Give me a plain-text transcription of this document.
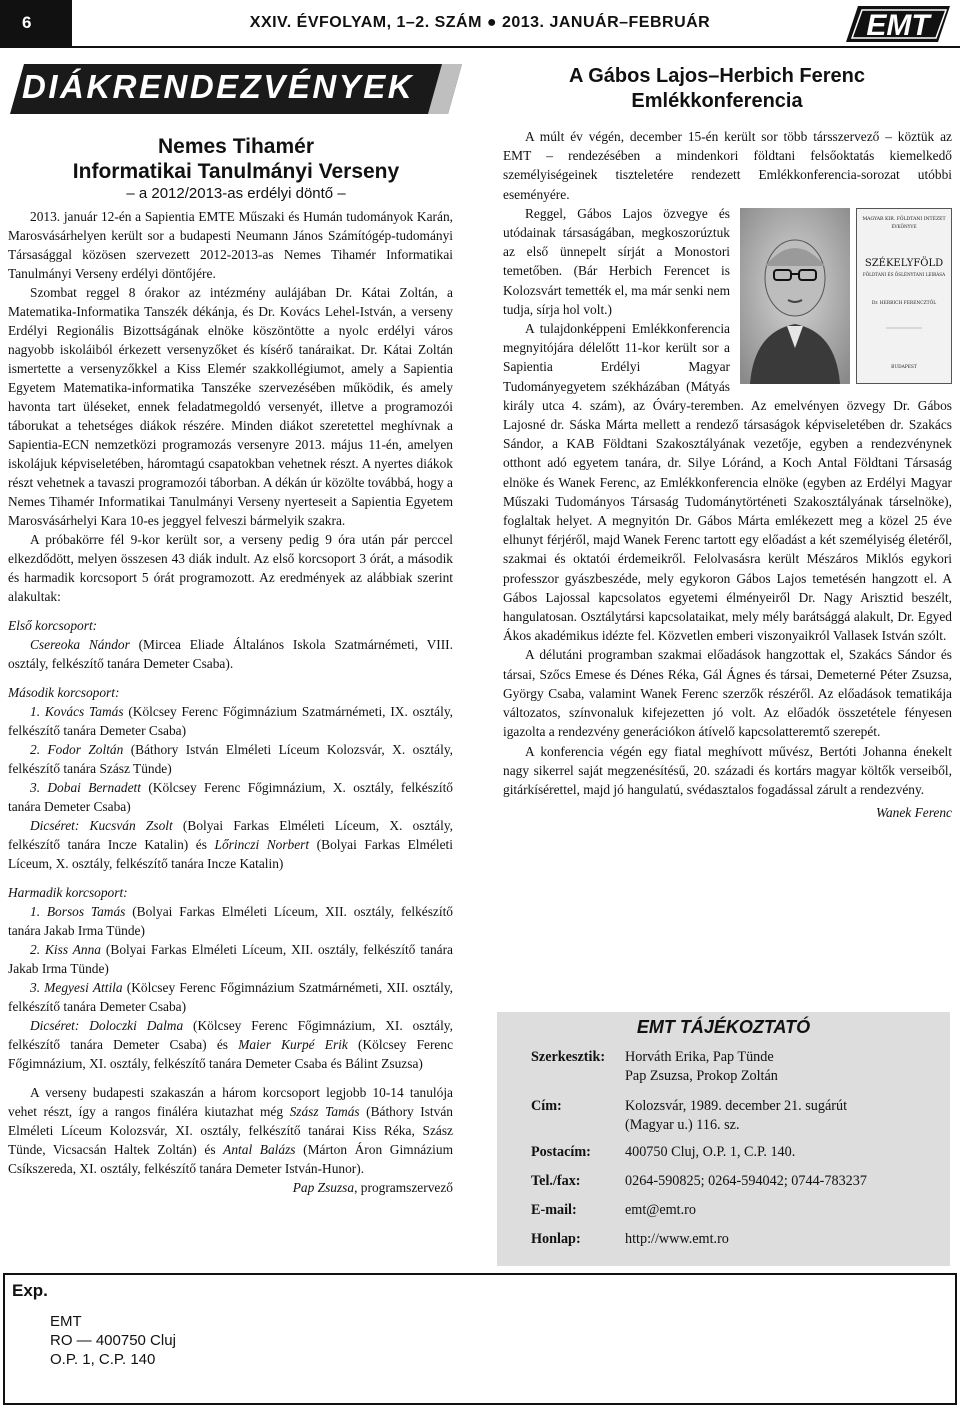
6	XXIV. ÉVFOLYAM, 1–2. SZÁM ● 2013. JANUÁR–FEBRUÁR	EMT
DIÁKRENDEZVÉNYEK
Nemes Tihamér
Informatikai Tanulmányi Verseny
– a 2012/2013-as erdélyi döntő –

2013. január 12-én a Sapientia EMTE Műszaki és Humán tudományok Karán, Marosvásárhelyen került sor a budapesti Neumann János Számítógép-tudományi Társasággal közösen szervezett 2012-2013-as Nemes Tihamér Informatikai Tanulmányi Verseny erdélyi döntőjére.

Szombat reggel 8 órakor az intézmény aulájában Dr. Kátai Zoltán, a Matematika-Informatika Tanszék dékánja, és Dr. Kovács Lehel-István, a verseny Erdélyi Regionális Bizottságának elnöke köszöntötte a nyolc erdélyi város nagyobb iskoláiból érkezett versenyzőket és kísérő tanáraikat. Dr. Kátai Zoltán ismertette a versenyzőkkel a Kiss Elemér szakkollégiumot, amely a Sapientia Egyetem Matematika-informatika Tanszéke szervezésében működik, és amely havonta tart üléseket, ennek feladatmegoldó versenyét, illetve a programozói táborukat a tehetséges diákok részére. Minden diákot szeretettel meghívnak a Sapientia-ECN nemzetközi programozás versenyre 2013. május 11-én, amelyen iskolájuk képviseletében, háromtagú csapatokban vehetnek részt. A nyertes diákok részt vehetnek a tavaszi programozói táborban. A dékán úr közölte továbbá, hogy a Nemes Tihamér Informatikai Tanulmányi Verseny nyerteseit a Sapientia Egyetem Marosvásárhelyi Kara 10-es jeggyel felveszi bármelyik szakra.

A próbakörre fél 9-kor került sor, a verseny pedig 9 óra után pár perccel elkezdődött, melyen összesen 43 diák indult. Az első korcsoport 3 órát, a második és harmadik korcsoport 5 órát programozott. Az eredmények az alábbiak szerint alakultak:

Első korcsoport:

Csereoka Nándor (Mircea Eliade Általános Iskola Szatmárnémeti, VIII. osztály, felkészítő tanára Demeter Csaba).

Második korcsoport:

1. Kovács Tamás (Kölcsey Ferenc Főgimnázium Szatmárnémeti, IX. osztály, felkészítő tanára Demeter Csaba)

2. Fodor Zoltán (Báthory István Elméleti Líceum Kolozsvár, X. osztály, felkészítő tanára Szász Tünde)

3. Dobai Bernadett (Kölcsey Ferenc Főgimnázium, X. osztály, felkészítő tanára Demeter Csaba)

Dicséret: Kucsván Zsolt (Bolyai Farkas Elméleti Líceum, X. osztály, felkészítő tanára Incze Katalin) és Lőrinczi Norbert (Bolyai Farkas Elméleti Líceum, X. osztály, felkészítő tanára Incze Katalin)

Harmadik korcsoport:

1. Borsos Tamás (Bolyai Farkas Elméleti Líceum, XII. osztály, felkészítő tanára Jakab Irma Tünde)

2. Kiss Anna (Bolyai Farkas Elméleti Líceum, XII. osztály, felkészítő tanára Jakab Irma Tünde)

3. Megyesi Attila (Kölcsey Ferenc Főgimnázium Szatmárnémeti, XII. osztály, felkészítő tanára Demeter Csaba)

Dicséret: Doloczki Dalma (Kölcsey Ferenc Főgimnázium, XI. osztály, felkészítő tanára Demeter Csaba) és Maier Kurpé Erik (Kölcsey Ferenc Főgimnázium, XI. osztály, felkészítő tanára Demeter Csaba és Bálint Zsuzsa)

A verseny budapesti szakaszán a három korcsoport legjobb 10-14 tanulója vehet részt, így a rangos fináléra kiutazhat még Szász Tamás (Báthory István Elméleti Líceum Kolozsvár, XI. osztály, felkészítő tanárai Kiss Réka, Szász Tünde, Vicsacsán Haltek Zoltán) és Antal Balázs (Márton Áron Gimnázium Csíkszereda, XI. osztály, felkészítő tanára Demeter István-Hunor).

Pap Zsuzsa, programszervező

A Gábos Lajos–Herbich Ferenc
Emlékkonferencia

A múlt év végén, december 15-én került sor több társszervező – köztük az EMT – rendezésében a mindenkori földtani felsőoktatás kiemelkedő személyiségeinek tiszteletére rendezett Emlékkonferencia-sorozat utóbbi eseményére.

MAGYAR KIR. FÖLDTANI INTÉZET
ÉVKÖNYVE
SZÉKELYFÖLD
FÖLDTANI ÉS ŐSLÉNYTANI LEIRÁSA
Dr. HERBICH FERENCZTŐL
BUDAPEST

Reggel, Gábos Lajos özvegye és utódainak társaságában, megkoszorúztuk az első ünnepelt sírját a Monostori temetőben. (Bár Herbich Ferencet is Kolozsvárt temették el, ma már senki nem tudja, sírja hol volt.)

A tulajdonképpeni Emlékkonferencia megnyitójára délelőtt 11-kor került sor a Sapientia Erdélyi Magyar Tudományegyetem székházában (Mátyás király utca 4. szám), az Óváry-teremben. Az emelvényen özvegy Dr. Gábos Lajosné dr. Sáska Márta mellett a rendező társaságok képviseletében dr. Szakács Sándor, a KAB Földtani Szakosztályának vezetője, egyben a rendezvénynek otthont adó egyetem tanára, dr. Silye Lóránd, a Koch Antal Földtani Társaság elnöke és Wanek Ferenc, az Emlékkonferencia elnöke (egyben az Erdélyi Magyar Műszaki Tudományos Társaság Tudománytörténeti Szakosztályának társelnöke), foglaltak helyet. A megnyitón Dr. Gábos Márta emlékezett meg a közel 25 éve elhunyt férjéről, majd Wanek Ferenc tartott egy előadást a két személyiség életéről, szakmai és oktatói érdemeikről. Felolvasásra került Mészáros Miklós egykori professzor gyászbeszéde, mely egykoron Gábos Lajos temetésén hangzott el. A Gábos Lajossal kapcsolatos egyetemi élményeiről Dr. Nagy Arisztid beszélt, hangulatosan. Osztálytársi kapcsolataikat, mely mély barátsággá alakult, Dr. Egyed Ákos akadémikus idézte fel. Közvetlen emberi viszonyaikról Vallasek István szólt.

A délutáni programban szakmai előadások hangzottak el, Szakács Sándor és társai, Szőcs Emese és Dénes Réka, Gál Ágnes és társai, Demeterné Péter Zsuzsa, György Csaba, valamint Wanek Ferenc szerzők részéről. Az előadások tematikája változatos, színvonaluk kifejezetten jó volt. Az előadók összetétele fényesen igazolta a rendezvény generációkon átívelő kapcsolatteremtő szerepét.

A konferencia végén egy fiatal meghívott művész, Bertóti Johanna énekelt nagy sikerrel saját megzenésítésű, 20. századi és kortárs magyar költők verseiből, gitárkísérettel, majd jó hangulatú, svédasztalos fogadással zárult a rendezvény.

Wanek Ferenc
EMT TÁJÉKOZTATÓ
Szerkesztik: Horváth Erika, Pap Tünde
Pap Zsuzsa, Prokop Zoltán
Cím:	Kolozsvár, 1989. december 21. sugárút
(Magyar u.) 116. sz.
Postacím: 400750 Cluj, O.P. 1, C.P. 140.
Tel./fax:	0264-590825; 0264-594042; 0744-783237
E-mail:	emt@emt.ro
Honlap:	http://www.emt.ro
Exp.
EMT
RO — 400750 Cluj
O.P. 1, C.P. 140
